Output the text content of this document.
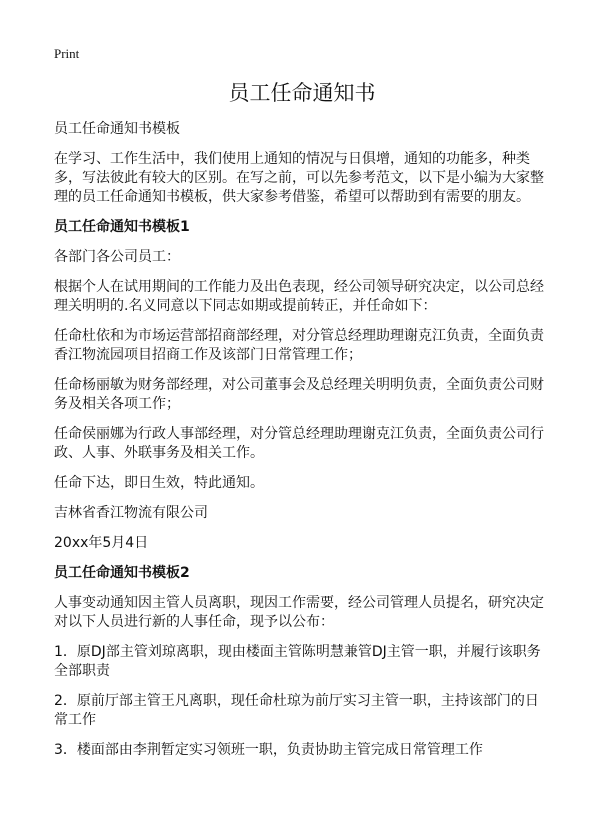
Print
员工任命通知书

员工任命通知书模板

在学习、工作生活中，我们使用上通知的情况与日俱增，通知的功能多，种类多，写法彼此有较大的区别。在写之前，可以先参考范文，以下是小编为大家整理的员工任命通知书模板，供大家参考借鉴，希望可以帮助到有需要的朋友。

员工任命通知书模板1

各部门各公司员工：

根据个人在试用期间的工作能力及出色表现，经公司领导研究决定，以公司总经理关明明的.名义同意以下同志如期或提前转正，并任命如下：

任命杜依和为市场运营部招商部经理，对分管总经理助理谢克江负责，全面负责香江物流园项目招商工作及该部门日常管理工作；

任命杨丽敏为财务部经理，对公司董事会及总经理关明明负责，全面负责公司财务及相关各项工作；

任命侯丽娜为行政人事部经理，对分管总经理助理谢克江负责，全面负责公司行政、人事、外联事务及相关工作。

任命下达，即日生效，特此通知。

吉林省香江物流有限公司

20xx年5月4日

员工任命通知书模板2

人事变动通知因主管人员离职，现因工作需要，经公司管理人员提名，研究决定对以下人员进行新的人事任命，现予以公布：

1．原DJ部主管刘琼离职，现由楼面主管陈明慧兼管DJ主管一职，并履行该职务全部职责

2．原前厅部主管王凡离职，现任命杜琼为前厅实习主管一职，主持该部门的日常工作

3．楼面部由李荆暂定实习领班一职，负责协助主管完成日常管理工作
